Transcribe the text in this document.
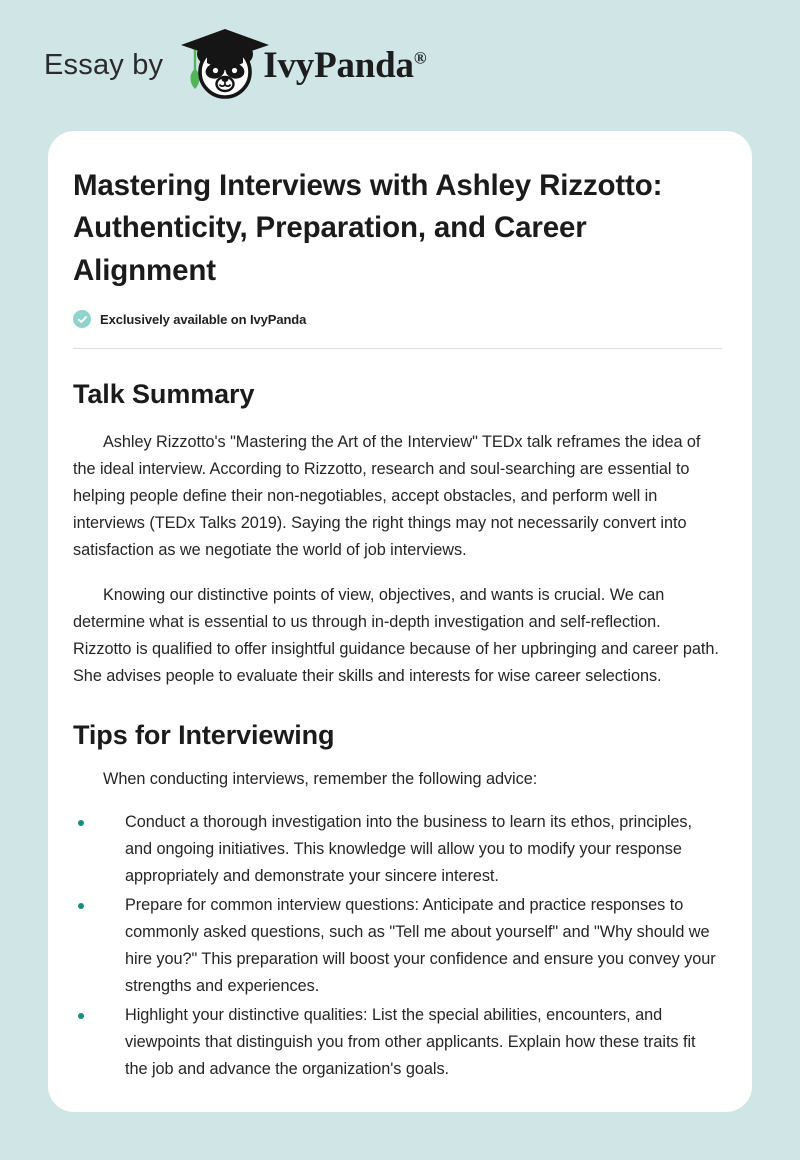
Essay by	IvyPanda®
Mastering Interviews with Ashley Rizzotto: Authenticity, Preparation, and Career Alignment
Exclusively available on IvyPanda
Talk Summary

Ashley Rizzotto's "Mastering the Art of the Interview" TEDx talk reframes the idea of the ideal interview. According to Rizzotto, research and soul-searching are essential to helping people define their non-negotiables, accept obstacles, and perform well in interviews (TEDx Talks 2019). Saying the right things may not necessarily convert into satisfaction as we negotiate the world of job interviews.

Knowing our distinctive points of view, objectives, and wants is crucial. We can determine what is essential to us through in-depth investigation and self-reflection. Rizzotto is qualified to offer insightful guidance because of her upbringing and career path. She advises people to evaluate their skills and interests for wise career selections.

Tips for Interviewing

When conducting interviews, remember the following advice:

Conduct a thorough investigation into the business to learn its ethos, principles, and ongoing initiatives. This knowledge will allow you to modify your response appropriately and demonstrate your sincere interest.
Prepare for common interview questions: Anticipate and practice responses to commonly asked questions, such as "Tell me about yourself" and "Why should we hire you?" This preparation will boost your confidence and ensure you convey your strengths and experiences.
Highlight your distinctive qualities: List the special abilities, encounters, and viewpoints that distinguish you from other applicants. Explain how these traits fit the job and advance the organization's goals.
